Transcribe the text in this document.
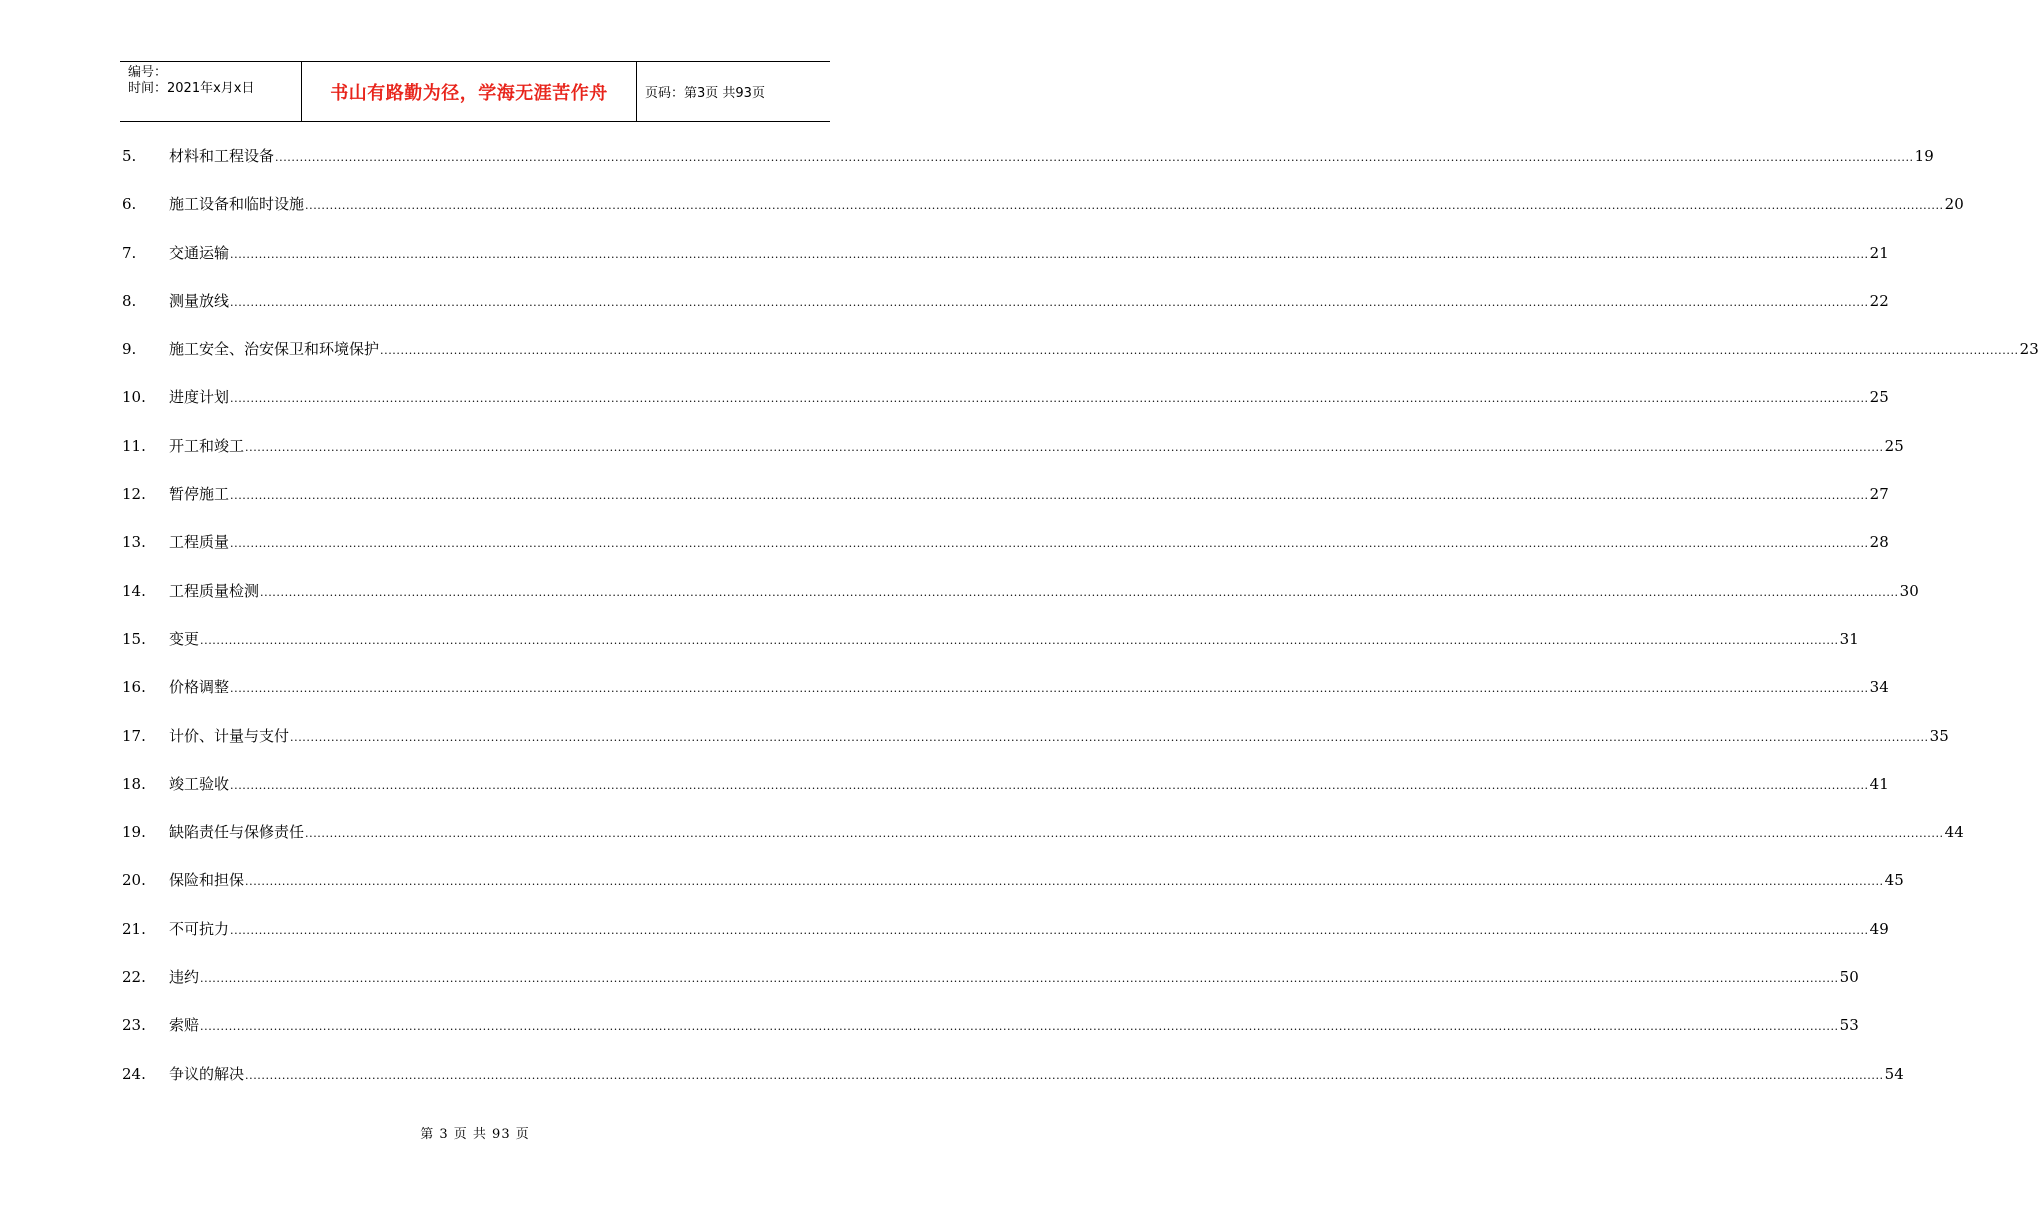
编号：
时间：2021年x月x日	书山有路勤为径，学海无涯苦作舟	页码：第3页 共93页
5.	材料和工程设备 ................................................................................................................................................................................................................................................................................................................................................................................................................ 19
6.	施工设备和临时设施 ................................................................................................................................................................................................................................................................................................................................................................................................................ 20
7.	交通运输 ................................................................................................................................................................................................................................................................................................................................................................................................................ 21
8.	测量放线 ................................................................................................................................................................................................................................................................................................................................................................................................................ 22
9.	施工安全、治安保卫和环境保护 ................................................................................................................................................................................................................................................................................................................................................................................................................ 23
10.	进度计划 ................................................................................................................................................................................................................................................................................................................................................................................................................ 25
11.	开工和竣工 ................................................................................................................................................................................................................................................................................................................................................................................................................ 25
12.	暂停施工 ................................................................................................................................................................................................................................................................................................................................................................................................................ 27
13.	工程质量 ................................................................................................................................................................................................................................................................................................................................................................................................................ 28
14.	工程质量检测 ................................................................................................................................................................................................................................................................................................................................................................................................................ 30
15.	变更 ................................................................................................................................................................................................................................................................................................................................................................................................................ 31
16.	价格调整 ................................................................................................................................................................................................................................................................................................................................................................................................................ 34
17.	计价、计量与支付 ................................................................................................................................................................................................................................................................................................................................................................................................................ 35
18.	竣工验收 ................................................................................................................................................................................................................................................................................................................................................................................................................ 41
19.	缺陷责任与保修责任 ................................................................................................................................................................................................................................................................................................................................................................................................................ 44
20.	保险和担保 ................................................................................................................................................................................................................................................................................................................................................................................................................ 45
21.	不可抗力 ................................................................................................................................................................................................................................................................................................................................................................................................................ 49
22.	违约 ................................................................................................................................................................................................................................................................................................................................................................................................................ 50
23.	索赔 ................................................................................................................................................................................................................................................................................................................................................................................................................ 53
24.	争议的解决 ................................................................................................................................................................................................................................................................................................................................................................................................................ 54
第 3 页 共 93 页
